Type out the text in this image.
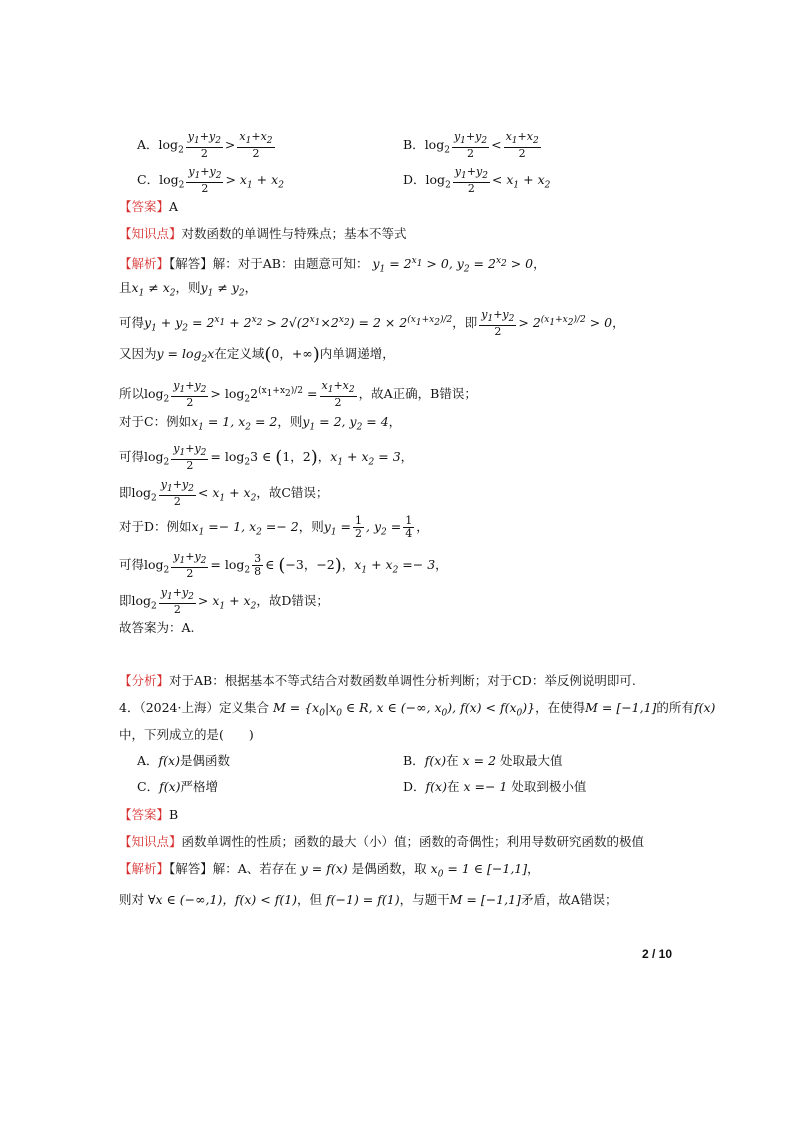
A．$\log_2 \frac{y_1+y_2}{2} > \frac{x_1+x_2}{2}$	B．$\log_2 \frac{y_1+y_2}{2} < \frac{x_1+x_2}{2}$
C．$\log_2 \frac{y_1+y_2}{2} > x_1 + x_2$	D．$\log_2 \frac{y_1+y_2}{2} < x_1 + x_2$
【答案】A
【知识点】对数函数的单调性与特殊点；基本不等式
【解析】【解答】解：对于AB：由题意可知： $y_1 = 2^{x_1} > 0$, $y_2 = 2^{x_2} > 0$，
且$x_1 \ne x_2$，则$y_1 \ne y_2$，
可得$y_1 + y_2 = 2^{x_1} + 2^{x_2} > 2√(2^{x_1}\times 2^{x_2}) = 2 \times 2^{(x_1+x_2)/2}$，即 $\frac{y_1+y_2}{2} > 2^{(x_1+x_2)/2} > 0$，
又因为$y = \log_2x$在定义域(0，+∞)内单调递增，
所以$\log_2 \frac{y_1+y_2}{2} > \log_22^{(x_1+x_2)/2} = \frac{x_1+x_2}{2}$ ，故A正确，B错误；
对于C：例如$x_1 = 1$, $x_2 = 2$，则$y_1 = 2$, $y_2 = 4$，
可得$\log_2 \frac{y_1+y_2}{2} = \log_23$ ∈ (1，2)，$x_1 + x_2 = 3$，
即$\log_2 \frac{y_1+y_2}{2} < x_1 + x_2$，故C错误；
对于D：例如$x_1 =- 1$, $x_2 =- 2$，则$y_1 = \frac{1}{2}$ , $y_2 = \frac{1}{4}$ ，
可得$\log_2 \frac{y_1+y_2}{2} = \log_2 \frac{3}{8}$ ∈ (−3，−2)，$x_1 + x_2 =- 3$，
即$\log_2 \frac{y_1+y_2}{2} > x_1 + x_2$，故D错误；
故答案为：A.
【分析】对于AB：根据基本不等式结合对数函数单调性分析判断；对于CD：举反例说明即可.
4．（2024·上海）定义集合 $M = \{x_0|x_0$ ∈ R, x ∈ (−∞, $x_0$), $f(x) < f(x_0)$}，在使得M = [−1,1]的所有f(x)
中，下列成立的是(　　)
A．f(x)是偶函数	B．f(x)在 x = 2 处取最大值
C．f(x)严格增	D．f(x)在 x =− 1 处取到极小值
【答案】B
【知识点】函数单调性的性质；函数的最大（小）值；函数的奇偶性；利用导数研究函数的极值
【解析】【解答】解：A、若存在 y = f(x) 是偶函数，取 $x_0 = 1$ ∈ [−1,1]，
则对 ∀x ∈ (−∞,1)，f(x) < f(1)，但 f(−1) = f(1)，与题干M = [−1,1]矛盾，故A错误；
2 / 10
